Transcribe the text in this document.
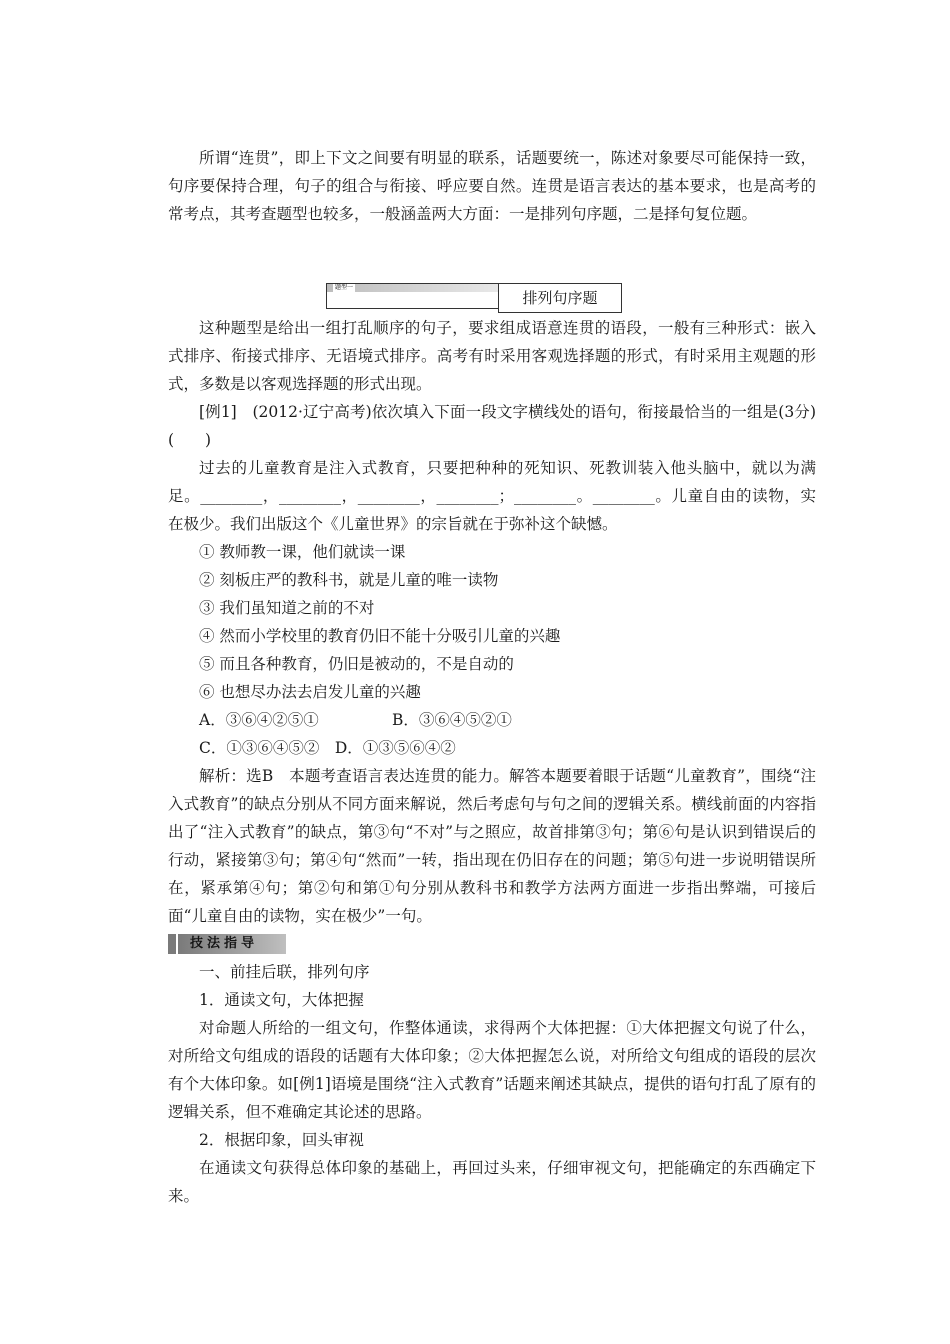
所谓“连贯”，即上下文之间要有明显的联系，话题要统一，陈述对象要尽可能保持一致，句序要保持合理，句子的组合与衔接、呼应要自然。连贯是语言表达的基本要求，也是高考的常考点，其考查题型也较多，一般涵盖两大方面：一是排列句序题，二是择句复位题。

题型一
排列句序题

这种题型是给出一组打乱顺序的句子，要求组成语意连贯的语段，一般有三种形式：嵌入式排序、衔接式排序、无语境式排序。高考有时采用客观选择题的形式，有时采用主观题的形式，多数是以客观选择题的形式出现。

[例1]　(2012·辽宁高考)依次填入下面一段文字横线处的语句，衔接最恰当的一组是(3分)(　　)

过去的儿童教育是注入式教育，只要把种种的死知识、死教训装入他头脑中，就以为满足。________，________，________，________；________。________。儿童自由的读物，实在极少。我们出版这个《儿童世界》的宗旨就在于弥补这个缺憾。

① 教师教一课，他们就读一课

② 刻板庄严的教科书，就是儿童的唯一读物

③ 我们虽知道之前的不对

④ 然而小学校里的教育仍旧不能十分吸引儿童的兴趣

⑤ 而且各种教育，仍旧是被动的，不是自动的

⑥ 也想尽办法去启发儿童的兴趣

A．③⑥④②⑤①	B．③⑥④⑤②①

C．①③⑥④⑤②　D．①③⑤⑥④②

解析：选B　本题考查语言表达连贯的能力。解答本题要着眼于话题“儿童教育”，围绕“注入式教育”的缺点分别从不同方面来解说，然后考虑句与句之间的逻辑关系。横线前面的内容指出了“注入式教育”的缺点，第③句“不对”与之照应，故首排第③句；第⑥句是认识到错误后的行动，紧接第③句；第④句“然而”一转，指出现在仍旧存在的问题；第⑤句进一步说明错误所在，紧承第④句；第②句和第①句分别从教科书和教学方法两方面进一步指出弊端，可接后面“儿童自由的读物，实在极少”一句。

技法指导

一、前挂后联，排列句序

1．通读文句，大体把握

对命题人所给的一组文句，作整体通读，求得两个大体把握：①大体把握文句说了什么，对所给文句组成的语段的话题有大体印象；②大体把握怎么说，对所给文句组成的语段的层次有个大体印象。如[例1]语境是围绕“注入式教育”话题来阐述其缺点，提供的语句打乱了原有的逻辑关系，但不难确定其论述的思路。

2．根据印象，回头审视

在通读文句获得总体印象的基础上，再回过头来，仔细审视文句，把能确定的东西确定下来。
